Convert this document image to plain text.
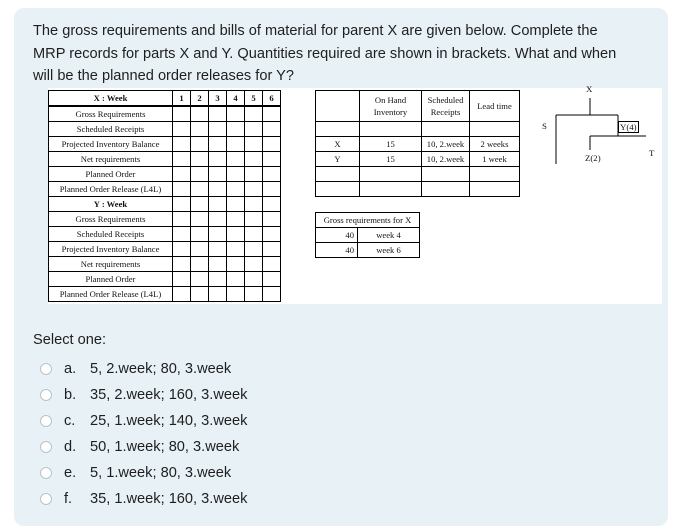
The gross requirements and bills of material for parent X are given below. Complete the
MRP records for parts X and Y. Quantities required are shown in brackets. What and when
will be the planned order releases for Y?
X : Week	1	2	3	4	5	6
Gross Requirements						
Scheduled Receipts						
Projected Inventory Balance						
Net requirements						
Planned Order						
Planned Order Release (L4L)						
Y : Week						
Gross Requirements						
Scheduled Receipts						
Projected Inventory Balance						
Net requirements						
Planned Order						
Planned Order Release (L4L)						
	On Hand Inventory	Scheduled Receipts	Lead time	

X	15	10, 2.week	2 weeks	
Y	15	10, 2.week	1 week	

Gross requirements for X	
40	week 4
40	week 6
X
S	Y(4)
Z(2)	T
Select one:
a. 5, 2.week; 80, 3.week
b. 35, 2.week; 160, 3.week
c.	25, 1.week; 140, 3.week
d. 50, 1.week; 80, 3.week
e. 5, 1.week; 80, 3.week
f.	35, 1.week; 160, 3.week
